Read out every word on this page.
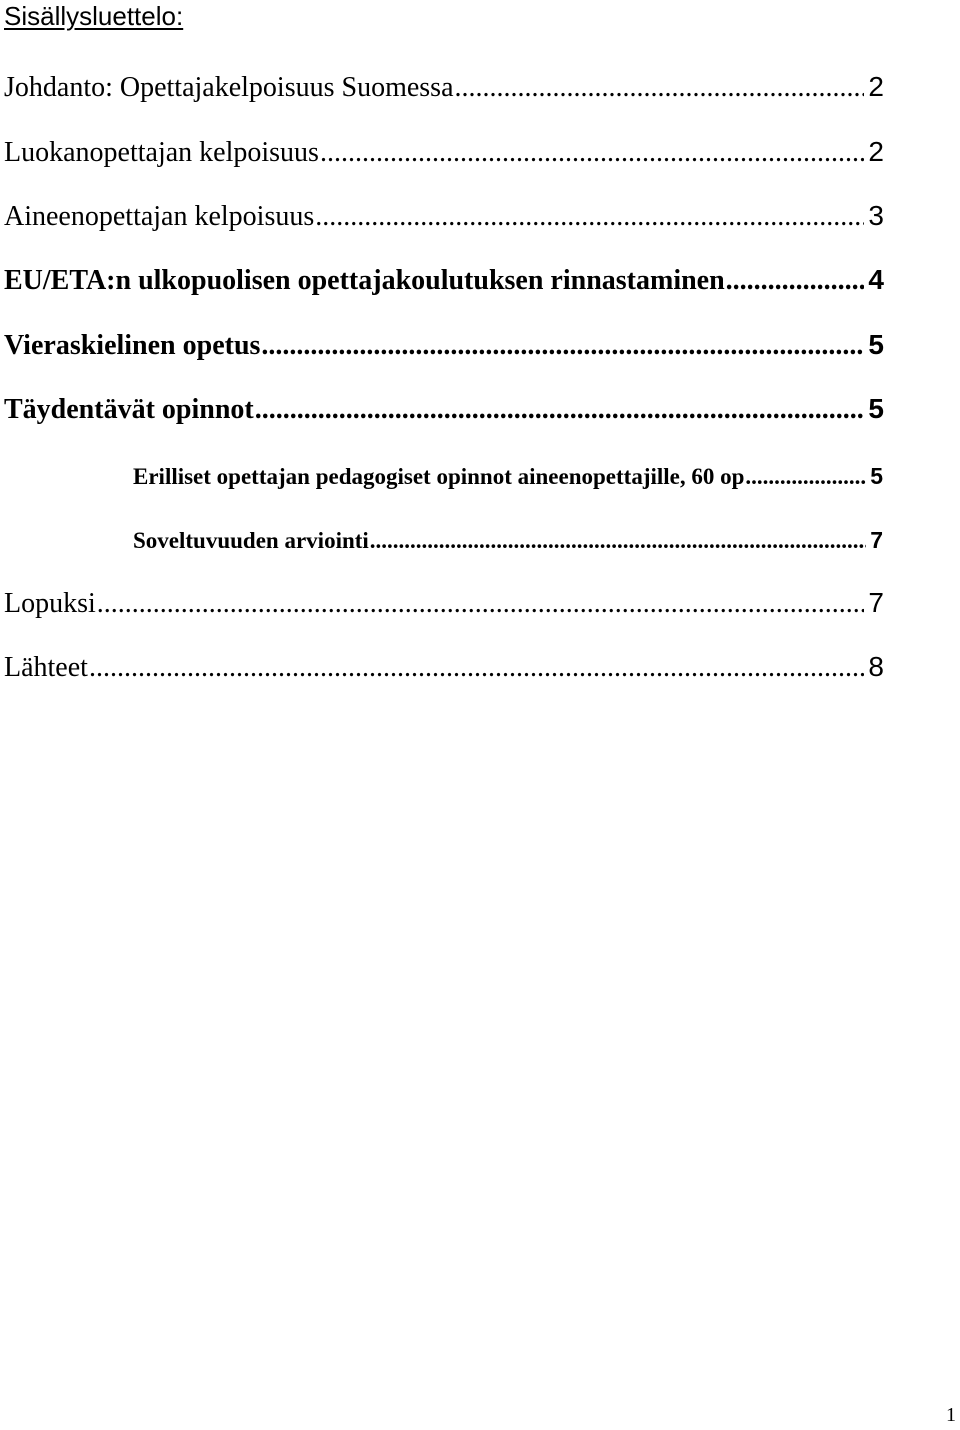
Sisällysluettelo:
Johdanto: Opettajakelpoisuus Suomessa .....	2
Luokanopettajan kelpoisuus .....	2
Aineenopettajan kelpoisuus .....	3
EU/ETA:n ulkopuolisen opettajakoulutuksen rinnastaminen .....	4
Vieraskielinen opetus .....	5
Täydentävät opinnot .....	5
Erilliset opettajan pedagogiset opinnot aineenopettajille, 60 op .....	5
Soveltuvuuden arviointi .....	7
Lopuksi .....	7
Lähteet .....	8
1
